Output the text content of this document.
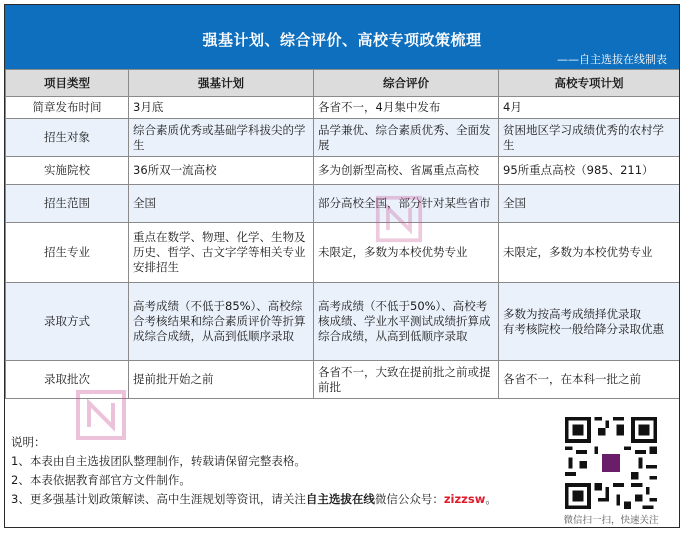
强基计划、综合评价、高校专项政策梳理
——自主选拔在线制表
项目类型	强基计划	综合评价	高校专项计划
简章发布时间	3月底	各省不一，4月集中发布	4月
招生对象	综合素质优秀或基础学科拔尖的学生	品学兼优、综合素质优秀、全面发展	贫困地区学习成绩优秀的农村学生
实施院校	36所双一流高校	多为创新型高校、省属重点高校	95所重点高校（985、211）
招生范围	全国	部分高校全国，部分针对某些省市	全国
招生专业	重点在数学、物理、化学、生物及历史、哲学、古文字学等相关专业安排招生	未限定，多数为本校优势专业	未限定，多数为本校优势专业
录取方式	高考成绩（不低于85%）、高校综合考核结果和综合素质评价等折算成综合成绩，从高到低顺序录取	高考成绩（不低于50%）、高校考核成绩、学业水平测试成绩折算成综合成绩，从高到低顺序录取	多数为按高考成绩择优录取
有考核院校一般给降分录取优惠
录取批次	提前批开始之前	各省不一，大致在提前批之前或提前批	各省不一，在本科一批之前
说明：
1、本表由自主选拔团队整理制作，转载请保留完整表格。
2、本表依据教育部官方文件制作。
3、更多强基计划政策解读、高中生涯规划等资讯，请关注自主选拔在线微信公众号：zizzsw。
微信扫一扫，快速关注
